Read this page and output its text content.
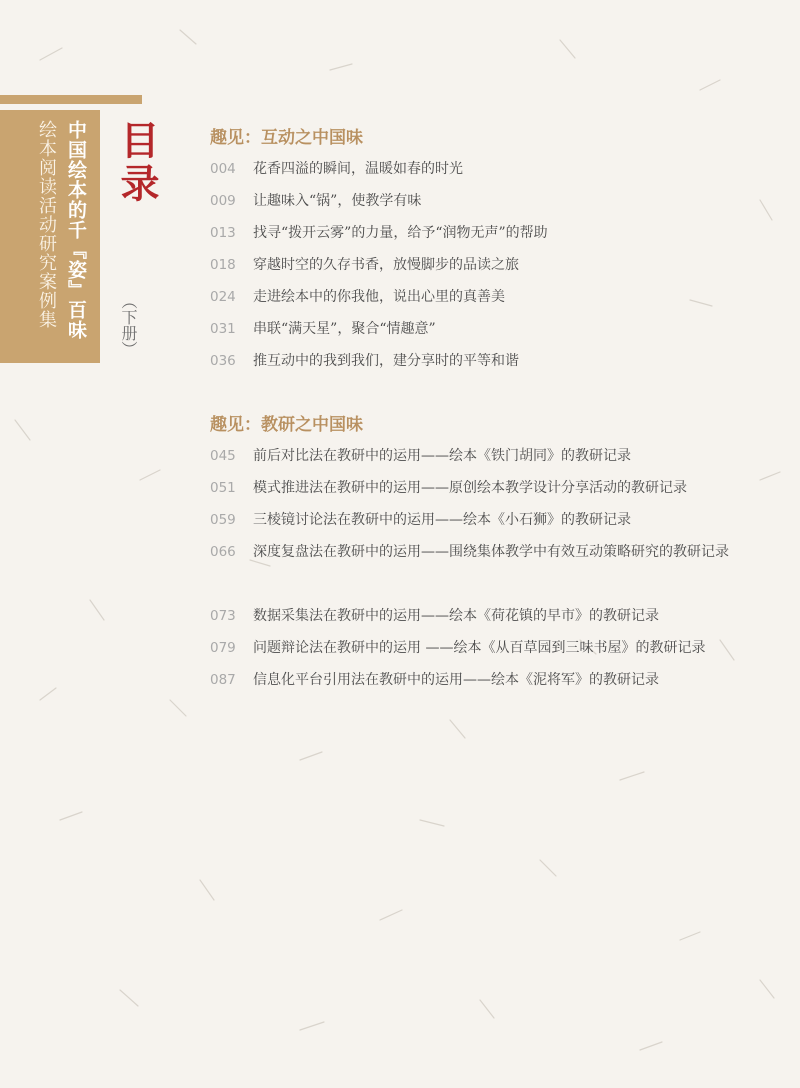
中国绘本的千『姿』百味
绘本阅读活动研究案例集 目录
（下册）
趣见：互动之中国味
004	花香四溢的瞬间，温暖如春的时光
009	让趣味入“锅”，使教学有味
013	找寻“拨开云雾”的力量，给予“润物无声”的帮助
018	穿越时空的久存书香，放慢脚步的品读之旅
024	走进绘本中的你我他，说出心里的真善美
031	串联“满天星”，聚合“情趣意”
036	推互动中的我到我们，建分享时的平等和谐
趣见：教研之中国味
045	前后对比法在教研中的运用——绘本《铁门胡同》的教研记录
051	模式推进法在教研中的运用——原创绘本教学设计分享活动的教研记录
059	三棱镜讨论法在教研中的运用——绘本《小石狮》的教研记录
066	深度复盘法在教研中的运用——围绕集体教学中有效互动策略研究的教研记录
073	数据采集法在教研中的运用——绘本《荷花镇的早市》的教研记录
079	问题辩论法在教研中的运用 ——绘本《从百草园到三味书屋》的教研记录
087	信息化平台引用法在教研中的运用——绘本《泥将军》的教研记录
